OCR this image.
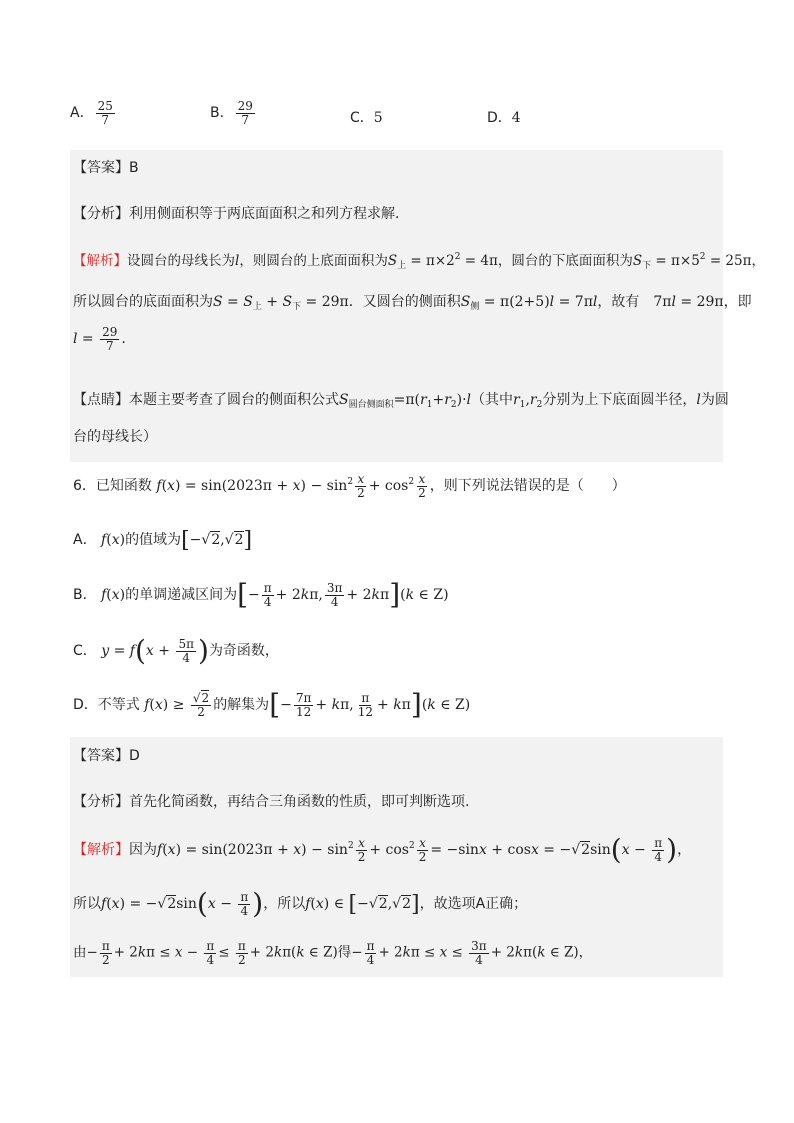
A． $\frac{25}{7}$	B． $\frac{29}{7}$	C．5	D．4
【答案】B
【分析】利用侧面积等于两底面面积之和列方程求解．
【解析】设圆台的母线长为l，则圆台的上底面面积为$S_上 = \pi\times 2^2 = 4\pi$，圆台的下底面面积为$S_下 = \pi\times 5^2 = 25\pi$，
所以圆台的底面面积为$S = S_上 + S_下 = 29\pi$．又圆台的侧面积$S_侧 = \pi(2+5)l = 7\pi l$，故有　7πl = 29π，即
$l = \frac{29}{7}$ .
【点睛】本题主要考查了圆台的侧面积公式$S_{圆台侧面积}=\pi(r_1+r_2)\cdot l$（其中$r_1,r_2$分别为上下底面圆半径，l为圆
台的母线长）
6．已知函数 $f(x) = \sin(2023\pi + x) - \sin^2 \frac{x}{2} + \cos^2 \frac{x}{2}$ ，则下列说法错误的是（　　）
A． f(x)的值域为[−√2,√2]
B． f(x)的单调递减区间为[− $\frac{\pi}{4} + 2k\pi$, $\frac{3\pi}{4} + 2k\pi](k$ ∈ Z)
C． $y = f(x + \frac{5\pi}{4}$ )为奇函数，
D．不等式 $f(x) \ge \frac{√2}{2}$ 的解集为[− $\frac{7\pi}{12} + k\pi$, $\frac{\pi}{12} + k\pi](k$ ∈ Z)
【答案】D
【分析】首先化简函数，再结合三角函数的性质，即可判断选项.
【解析】因为$f(x) = \sin(2023\pi + x) - \sin^2 \frac{x}{2} + \cos^2 \frac{x}{2} = -\sin x + \cos x = -√2\sin(x - \frac{\pi}{4}$ )，
所以$f(x) = -√2\sin(x - \frac{\pi}{4}$ )，所以f(x) ∈ [−√2,√2]，故选项A正确；
由− $\frac{\pi}{2} + 2k\pi \le x - \frac{\pi}{4} \le \frac{\pi}{2} + 2k\pi(k$ ∈ Z)得− $\frac{\pi}{4} + 2k\pi \le x \le \frac{3\pi}{4} + 2k\pi(k$ ∈ Z)，
